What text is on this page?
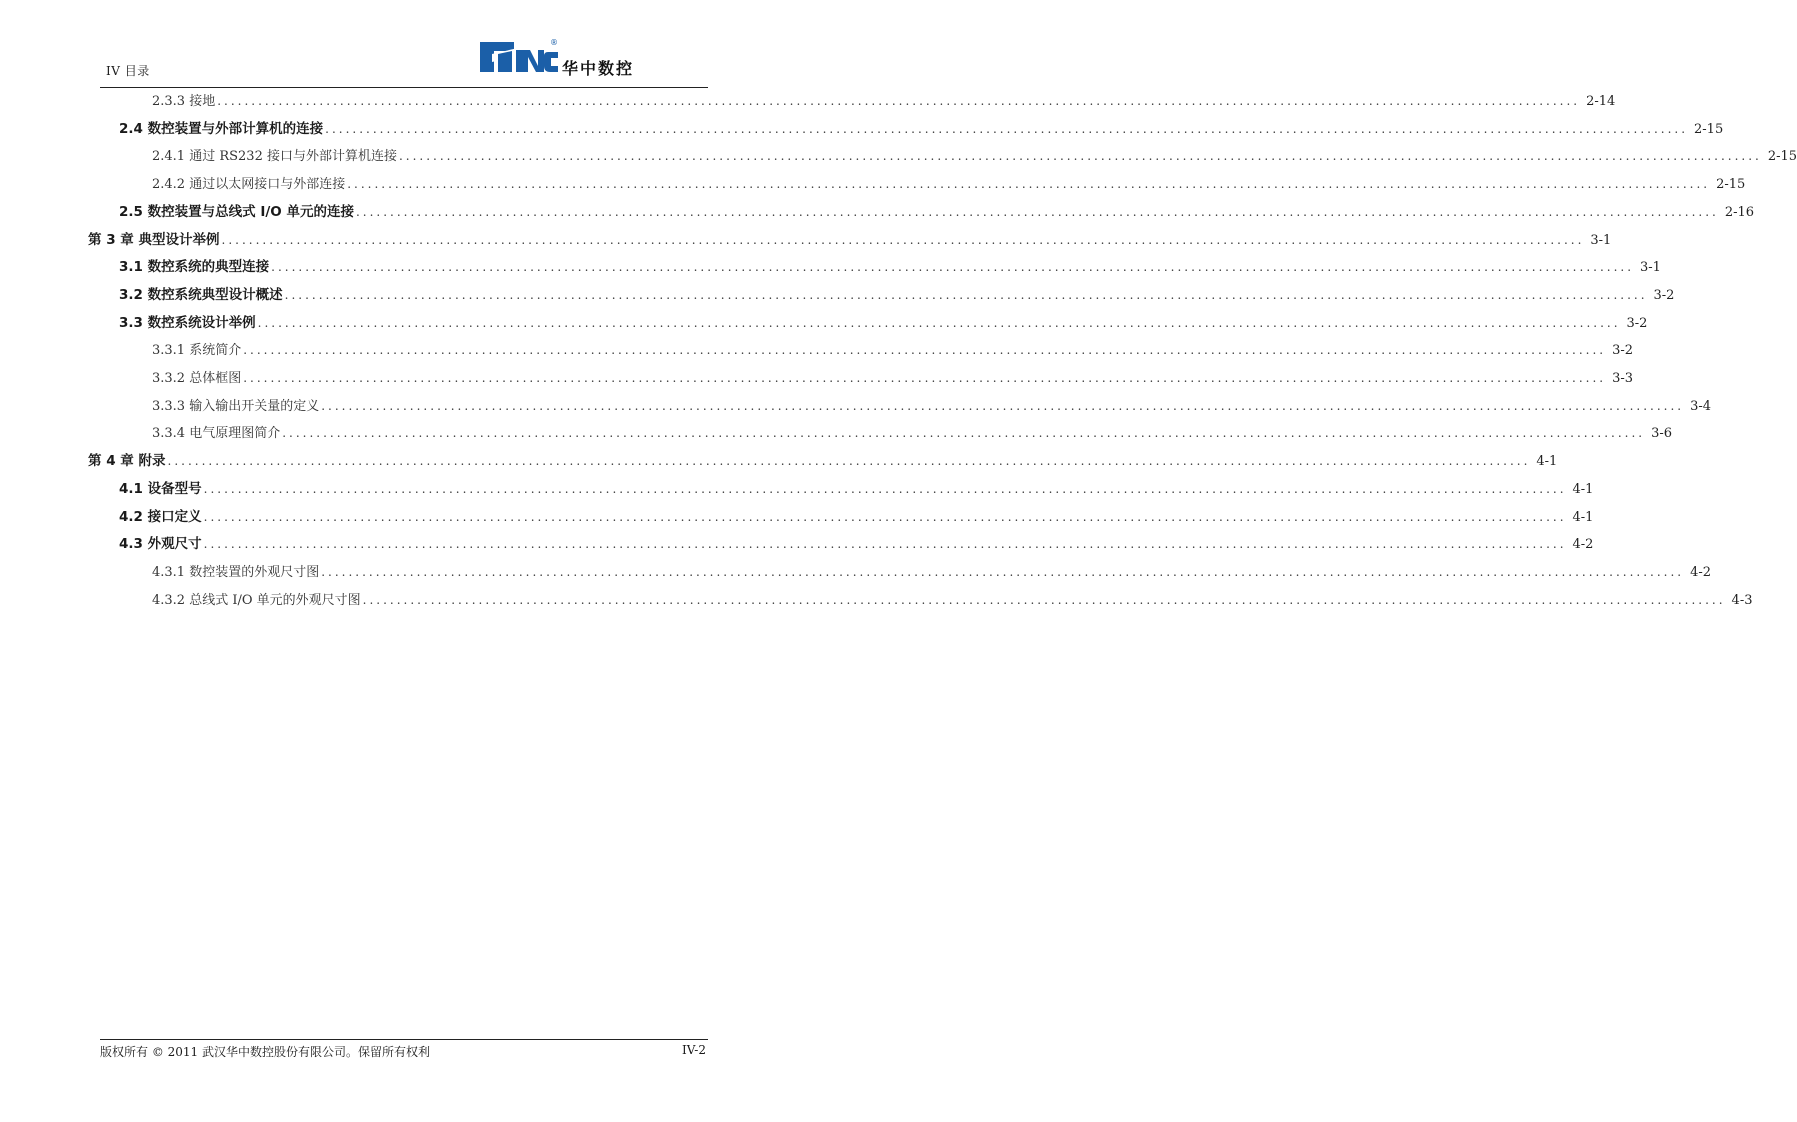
IV 目录
®
华中数控
2.3.3 接地 ........................................................................................................................................................................................................ 2-14
2.4 数控装置与外部计算机的连接 ........................................................................................................................................................................................................ 2-15
2.4.1 通过 RS232 接口与外部计算机连接 ........................................................................................................................................................................................................ 2-15
2.4.2 通过以太网接口与外部连接 ........................................................................................................................................................................................................ 2-15
2.5 数控装置与总线式 I/O 单元的连接 ........................................................................................................................................................................................................ 2-16
第 3 章 典型设计举例 ........................................................................................................................................................................................................ 3-1
3.1 数控系统的典型连接 ........................................................................................................................................................................................................ 3-1
3.2 数控系统典型设计概述 ........................................................................................................................................................................................................ 3-2
3.3 数控系统设计举例 ........................................................................................................................................................................................................ 3-2
3.3.1 系统简介 ........................................................................................................................................................................................................ 3-2
3.3.2 总体框图 ........................................................................................................................................................................................................ 3-3
3.3.3 输入输出开关量的定义 ........................................................................................................................................................................................................ 3-4
3.3.4 电气原理图简介 ........................................................................................................................................................................................................ 3-6
第 4 章 附录 ........................................................................................................................................................................................................ 4-1
4.1 设备型号 ........................................................................................................................................................................................................ 4-1
4.2 接口定义 ........................................................................................................................................................................................................ 4-1
4.3 外观尺寸 ........................................................................................................................................................................................................ 4-2
4.3.1 数控装置的外观尺寸图 ........................................................................................................................................................................................................ 4-2
4.3.2 总线式 I/O 单元的外观尺寸图 ........................................................................................................................................................................................................ 4-3
版权所有 © 2011 武汉华中数控股份有限公司。保留所有权利	IV-2
